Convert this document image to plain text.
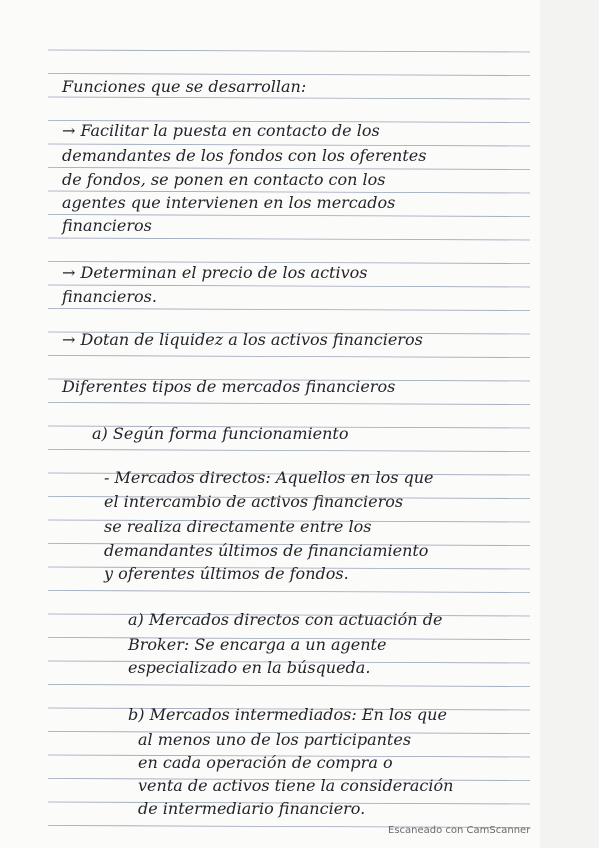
Funciones que se desarrollan:

→ Facilitar la puesta en contacto de los

demandantes de los fondos con los oferentes

de fondos, se ponen en contacto con los

agentes que intervienen en los mercados

financieros

→ Determinan el precio de los activos

financieros.

→ Dotan de liquidez a los activos financieros

Diferentes tipos de mercados financieros

a) Según forma funcionamiento

- Mercados directos: Aquellos en los que

el intercambio de activos financieros

se realiza directamente entre los

demandantes últimos de financiamiento

y oferentes últimos de fondos.

a) Mercados directos con actuación de

Broker: Se encarga a un agente

especializado en la búsqueda.

b) Mercados intermediados: En los que

al menos uno de los participantes

en cada operación de compra o

venta de activos tiene la consideración

de intermediario financiero.

Escaneado con CamScanner
